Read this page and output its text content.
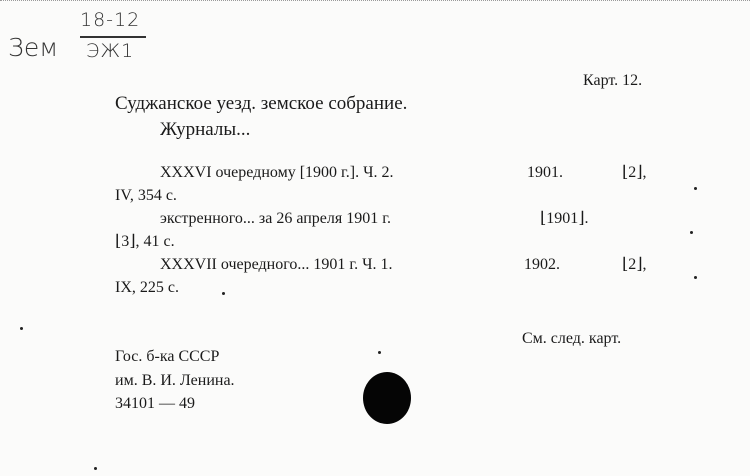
Зем
18-12
ЭЖ1
Карт. 12.
Суджанское уезд. земское собрание.
Журналы...
XXXVI очередному [1900 г.]. Ч. 2.	1901.	⌊2⌋,
IV, 354 с.
экстренного... за 26 апреля 1901 г.	⌊1901⌋.
⌊3⌋, 41 с.
XXXVII очередного... 1901 г. Ч. 1.	1902.	⌊2⌋,
IX, 225 с.
См. след. карт.
Гос. б-ка СССР
им. В. И. Ленина.
34101 — 49
